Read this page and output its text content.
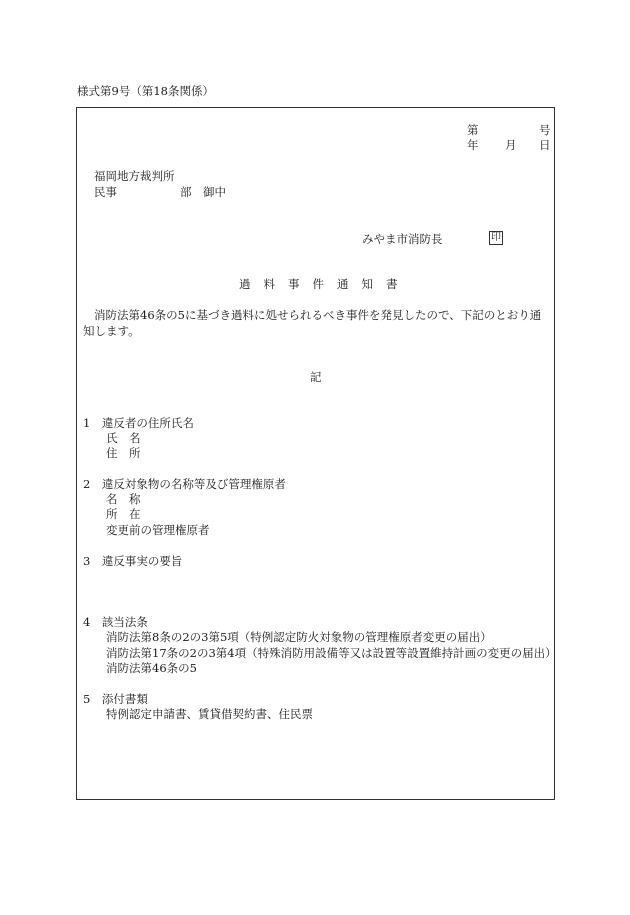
様式第9号（第18条関係）
第	号
年 月 日
福岡地方裁判所
民事	部 御中
みやま市消防長	印
過料事件通知書
消防法第46条の5に基づき過料に処せられるべき事件を発見したので、下記のとおり通
知します。
記
1　違反者の住所氏名
氏　名
住　所
2　違反対象物の名称等及び管理権原者
名　称
所　在
変更前の管理権原者
3　違反事実の要旨
4　該当法条
消防法第8条の2の3第5項（特例認定防火対象物の管理権原者変更の届出）
消防法第17条の2の3第4項（特殊消防用設備等又は設置等設置維持計画の変更の届出）
消防法第46条の5
5　添付書類
特例認定申請書、賃貸借契約書、住民票
